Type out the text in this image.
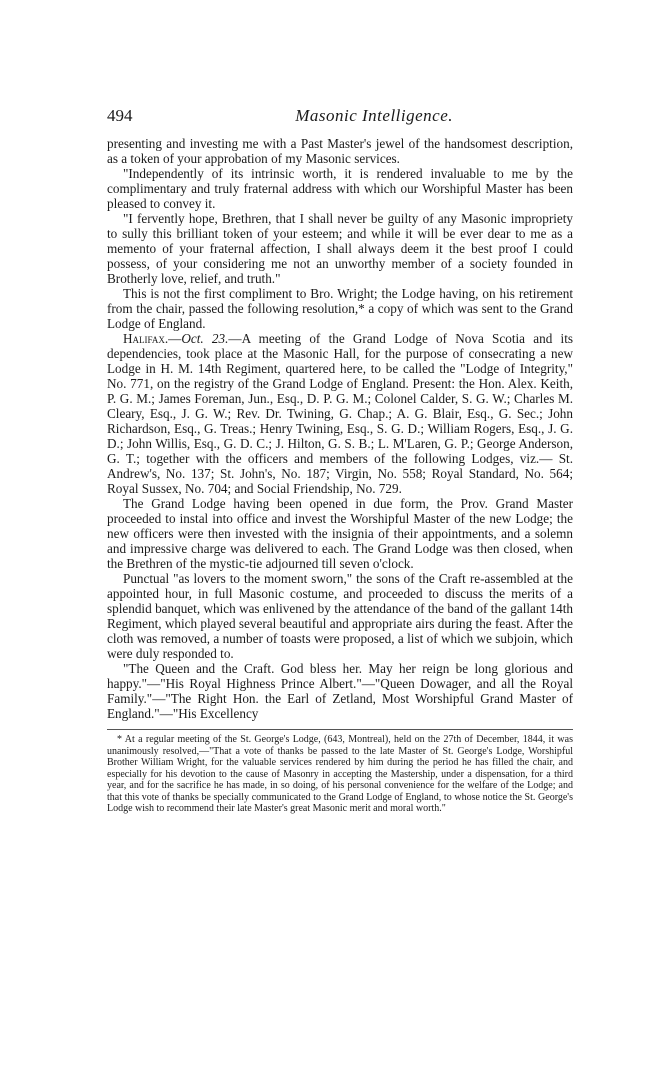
494	Masonic Intelligence.

presenting and investing me with a Past Master's jewel of the handsomest description, as a token of your approbation of my Masonic services.

"Independently of its intrinsic worth, it is rendered invaluable to me by the complimentary and truly fraternal address with which our Worshipful Master has been pleased to convey it.

"I fervently hope, Brethren, that I shall never be guilty of any Masonic impropriety to sully this brilliant token of your esteem; and while it will be ever dear to me as a memento of your fraternal affection, I shall always deem it the best proof I could possess, of your considering me not an unworthy member of a society founded in Brotherly love, relief, and truth."

This is not the first compliment to Bro. Wright; the Lodge having, on his retirement from the chair, passed the following resolution,* a copy of which was sent to the Grand Lodge of England.

Halifax.—Oct. 23.—A meeting of the Grand Lodge of Nova Scotia and its dependencies, took place at the Masonic Hall, for the purpose of consecrating a new Lodge in H. M. 14th Regiment, quartered here, to be called the "Lodge of Integrity," No. 771, on the registry of the Grand Lodge of England. Present: the Hon. Alex. Keith, P. G. M.; James Foreman, Jun., Esq., D. P. G. M.; Colonel Calder, S. G. W.; Charles M. Cleary, Esq., J. G. W.; Rev. Dr. Twining, G. Chap.; A. G. Blair, Esq., G. Sec.; John Richardson, Esq., G. Treas.; Henry Twining, Esq., S. G. D.; William Rogers, Esq., J. G. D.; John Willis, Esq., G. D. C.; J. Hilton, G. S. B.; L. M'Laren, G. P.; George Anderson, G. T.; together with the officers and members of the following Lodges, viz.— St. Andrew's, No. 137; St. John's, No. 187; Virgin, No. 558; Royal Standard, No. 564; Royal Sussex, No. 704; and Social Friendship, No. 729.

The Grand Lodge having been opened in due form, the Prov. Grand Master proceeded to instal into office and invest the Worshipful Master of the new Lodge; the new officers were then invested with the insignia of their appointments, and a solemn and impressive charge was delivered to each. The Grand Lodge was then closed, when the Brethren of the mystic-tie adjourned till seven o'clock.

Punctual "as lovers to the moment sworn," the sons of the Craft re-assembled at the appointed hour, in full Masonic costume, and proceeded to discuss the merits of a splendid banquet, which was enlivened by the attendance of the band of the gallant 14th Regiment, which played several beautiful and appropriate airs during the feast. After the cloth was removed, a number of toasts were proposed, a list of which we subjoin, which were duly responded to.

"The Queen and the Craft. God bless her. May her reign be long glorious and happy."—"His Royal Highness Prince Albert."—"Queen Dowager, and all the Royal Family."—"The Right Hon. the Earl of Zetland, Most Worshipful Grand Master of England."—"His Excellency

* At a regular meeting of the St. George's Lodge, (643, Montreal), held on the 27th of December, 1844, it was unanimously resolved,—"That a vote of thanks be passed to the late Master of St. George's Lodge, Worshipful Brother William Wright, for the valuable services rendered by him during the period he has filled the chair, and especially for his devotion to the cause of Masonry in accepting the Mastership, under a dispensation, for a third year, and for the sacrifice he has made, in so doing, of his personal convenience for the welfare of the Lodge; and that this vote of thanks be specially communicated to the Grand Lodge of England, to whose notice the St. George's Lodge wish to recommend their late Master's great Masonic merit and moral worth."
